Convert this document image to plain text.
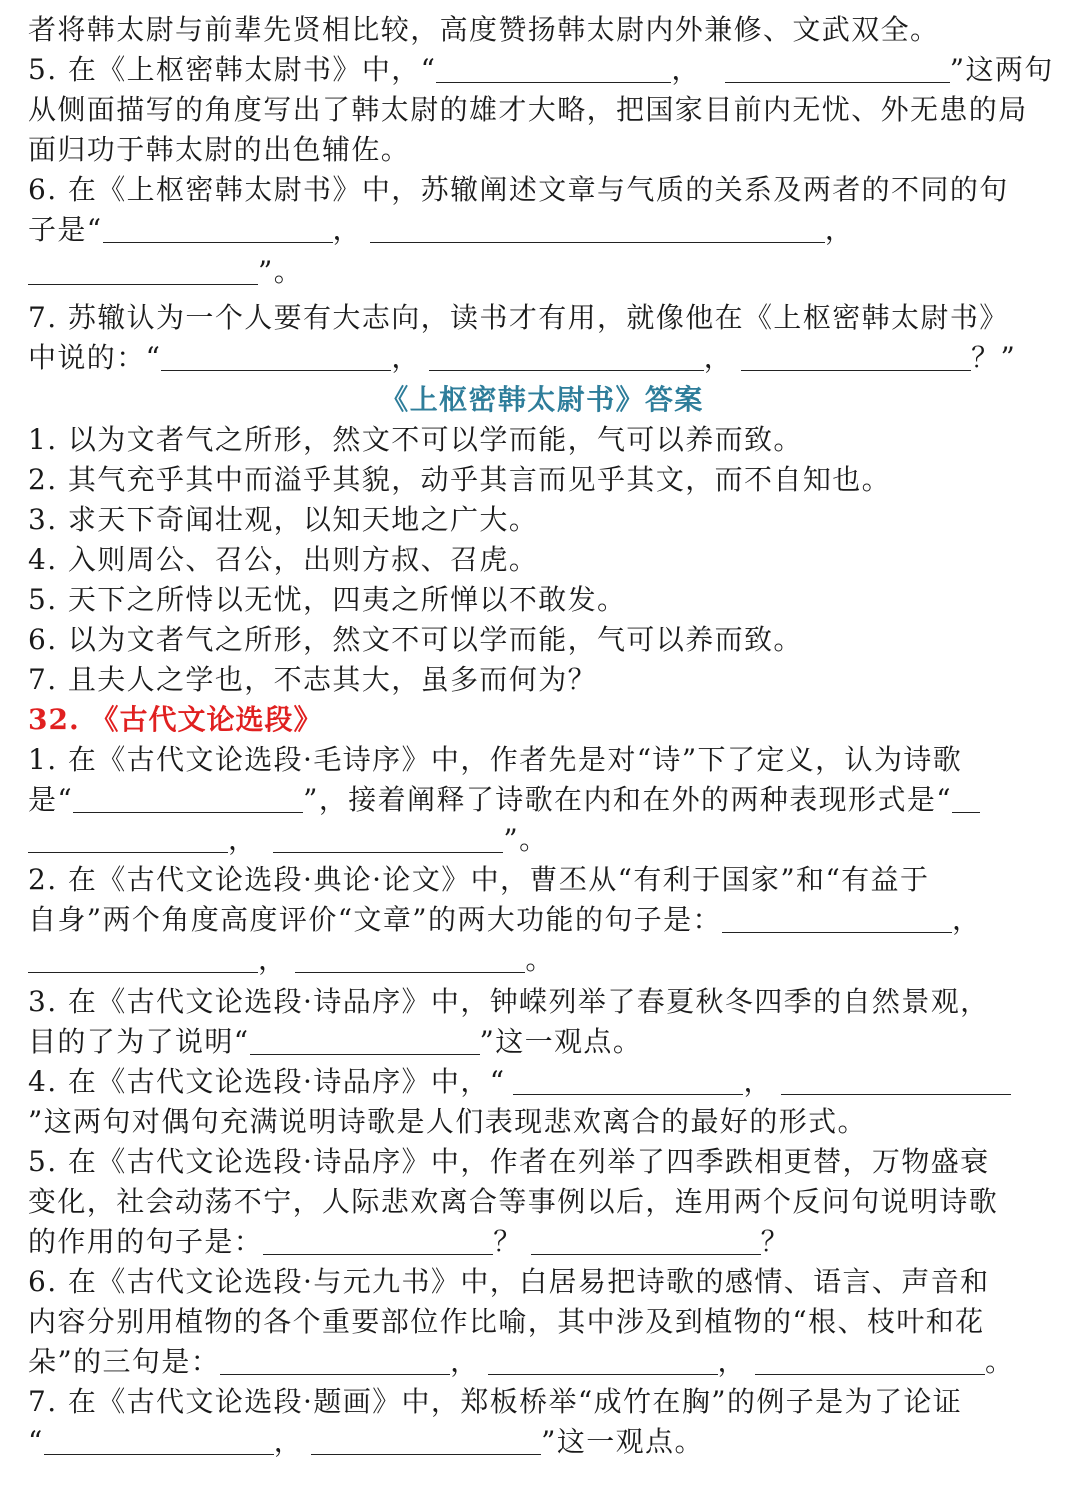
者将韩太尉与前辈先贤相比较，高度赞扬韩太尉内外兼修、文武双全。
5. 在《上枢密韩太尉书》中，“	，	”这两句
从侧面描写的角度写出了韩太尉的雄才大略，把国家目前内无忧、外无患的局
面归功于韩太尉的出色辅佐。
6. 在《上枢密韩太尉书》中，苏辙阐述文章与气质的关系及两者的不同的句
子是“	，	，
”。
7. 苏辙认为一个人要有大志向，读书才有用，就像他在《上枢密韩太尉书》
中说的：“	，	，	？”
《上枢密韩太尉书》答案
1. 以为文者气之所形，然文不可以学而能，气可以养而致。
2. 其气充乎其中而溢乎其貌，动乎其言而见乎其文，而不自知也。
3. 求天下奇闻壮观，以知天地之广大。
4. 入则周公、召公，出则方叔、召虎。
5. 天下之所恃以无忧，四夷之所惮以不敢发。
6. 以为文者气之所形，然文不可以学而能，气可以养而致。
7. 且夫人之学也，不志其大，虽多而何为？
32. 《古代文论选段》
1. 在《古代文论选段·毛诗序》中，作者先是对“诗”下了定义，认为诗歌
是“	”，接着阐释了诗歌在内和在外的两种表现形式是“
，	”。
2. 在《古代文论选段·典论·论文》中，曹丕从“有利于国家”和“有益于
自身”两个角度高度评价“文章”的两大功能的句子是：	，
，	。
3. 在《古代文论选段·诗品序》中，钟嵘列举了春夏秋冬四季的自然景观，
目的了为了说明“	”这一观点。
4. 在《古代文论选段·诗品序》中，“	，
”这两句对偶句充满说明诗歌是人们表现悲欢离合的最好的形式。
5. 在《古代文论选段·诗品序》中，作者在列举了四季跌相更替，万物盛衰
变化，社会动荡不宁，人际悲欢离合等事例以后，连用两个反问句说明诗歌
的作用的句子是：	？	？
6. 在《古代文论选段·与元九书》中，白居易把诗歌的感情、语言、声音和
内容分别用植物的各个重要部位作比喻，其中涉及到植物的“根、枝叶和花
朵”的三句是：	，	，	。
7. 在《古代文论选段·题画》中，郑板桥举“成竹在胸”的例子是为了论证
“	，	”这一观点。
